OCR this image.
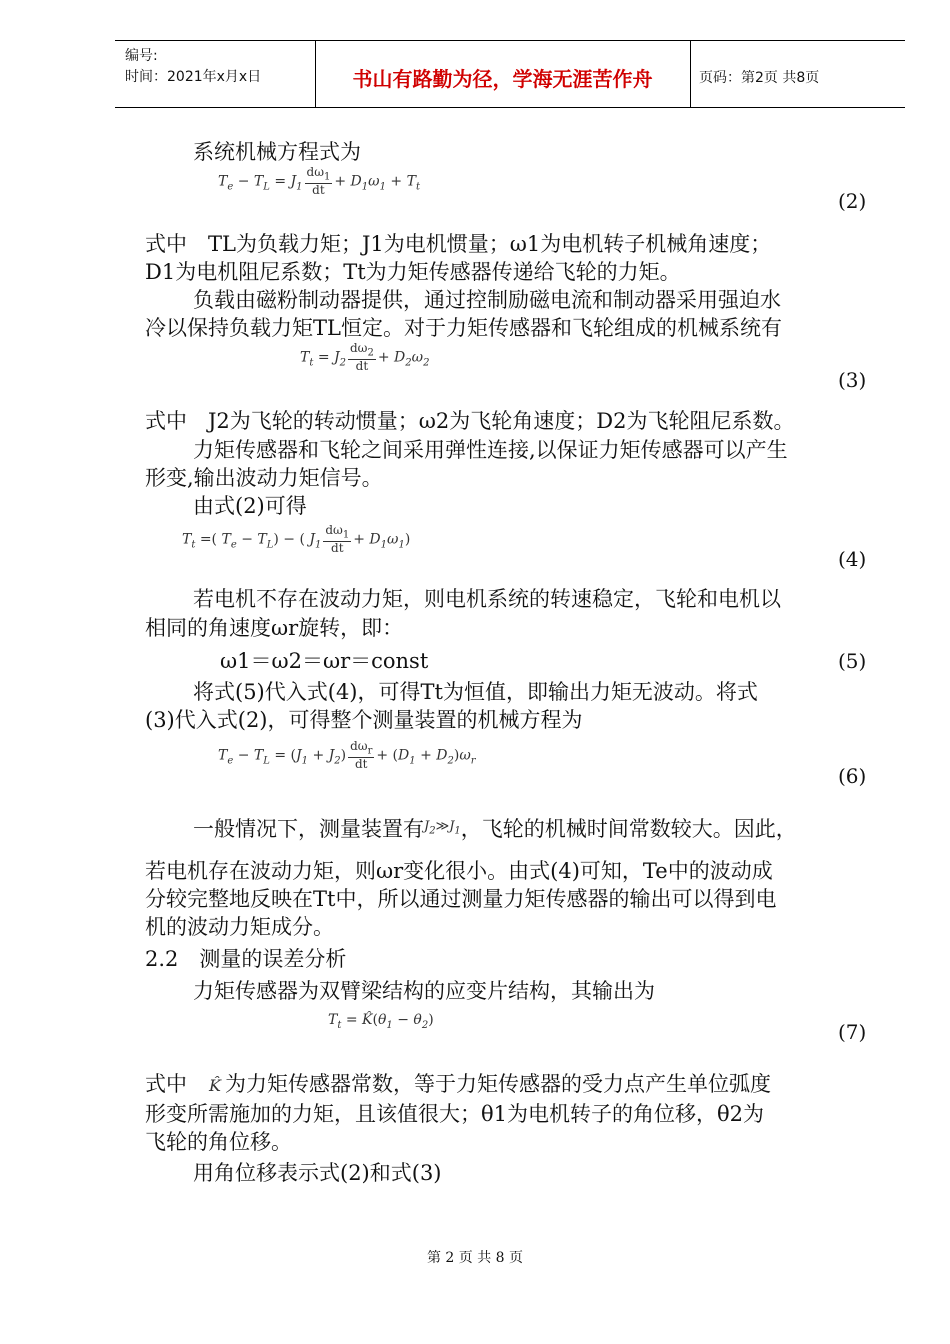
编号:
时间：2021年x月x日	书山有路勤为径，学海无涯苦作舟	页码：第2页 共8页
系统机械方程式为
$T_e - T_L = J_1 \frac{d\omega_1}{dt} + D_1\omega_1 + T_t$
(2)
式中　TL为负载力矩；J1为电机惯量；ω1为电机转子机械角速度；
D1为电机阻尼系数；Tt为力矩传感器传递给飞轮的力矩。
负载由磁粉制动器提供，通过控制励磁电流和制动器采用强迫水
冷以保持负载力矩TL恒定。对于力矩传感器和飞轮组成的机械系统有
$T_t = J_2 \frac{d\omega_2}{dt} + D_2\omega_2$
(3)
式中　J2为飞轮的转动惯量；ω2为飞轮角速度；D2为飞轮阻尼系数。
力矩传感器和飞轮之间采用弹性连接,以保证力矩传感器可以产生
形变,输出波动力矩信号。
由式(2)可得
$T_t$ =( $T_e - T_L$) − ( $J_1 \frac{d\omega_1}{dt} + D_1\omega_1$)
(4)
若电机不存在波动力矩，则电机系统的转速稳定，飞轮和电机以
相同的角速度ωr旋转，即：
ω1＝ω2＝ωr＝const	(5)
将式(5)代入式(4)，可得Tt为恒值，即输出力矩无波动。将式
(3)代入式(2)，可得整个测量装置的机械方程为
$T_e - T_L = (J_1 + J_2) \frac{d\omega_r}{dt} + (D_1 + D_2)\omega_r$
(6)
一般情况下，测量装置有$^{J_2≫J_1}$，飞轮的机械时间常数较大。因此，
若电机存在波动力矩，则ωr变化很小。由式(4)可知，Te中的波动成
分较完整地反映在Tt中，所以通过测量力矩传感器的输出可以得到电
机的波动力矩成分。
2.2　测量的误差分析
力矩传感器为双臂梁结构的应变片结构，其输出为
$T_t$ = $K̂(\theta_1 - \theta_2)$	(7)
式中 K̂ 为力矩传感器常数，等于力矩传感器的受力点产生单位弧度
形变所需施加的力矩，且该值很大；θ1为电机转子的角位移，θ2为
飞轮的角位移。
用角位移表示式(2)和式(3)
第 2 页 共 8 页
